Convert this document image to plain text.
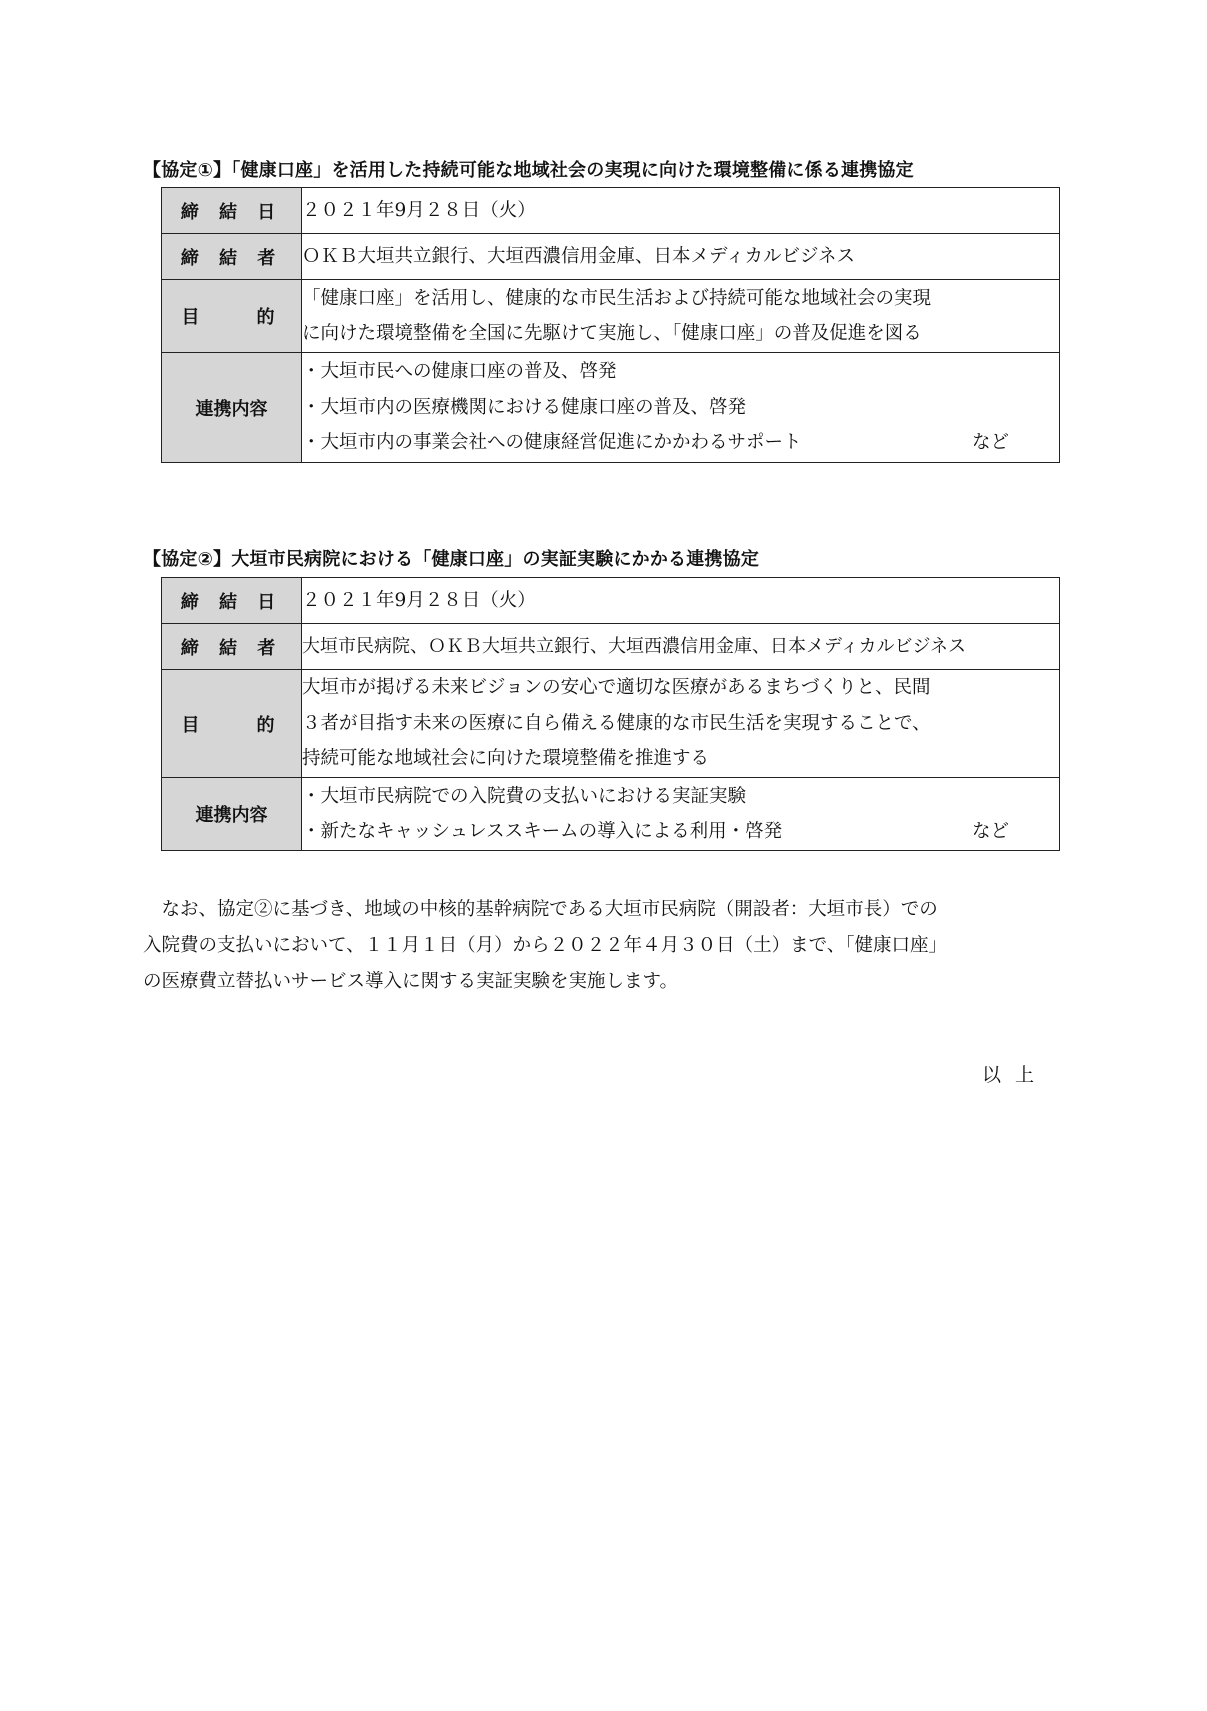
【協定①】「健康口座」を活用した持続可能な地域社会の実現に向けた環境整備に係る連携協定
締 結 日	２０２１年9月２８日（火）
締 結 者	ＯＫＢ大垣共立銀行、大垣西濃信用金庫、日本メディカルビジネス
目　　的	「健康口座」を活用し、健康的な市民生活および持続可能な地域社会の実現
に向けた環境整備を全国に先駆けて実施し、「健康口座」の普及促進を図る

連携内容	・大垣市民への健康口座の普及、啓発
・大垣市内の医療機関における健康口座の普及、啓発
・大垣市内の事業会社への健康経営促進にかかわるサポート など
【協定②】大垣市民病院における「健康口座」の実証実験にかかる連携協定
締 結 日	２０２１年9月２８日（火）
締 結 者	大垣市民病院、ＯＫＢ大垣共立銀行、大垣西濃信用金庫、日本メディカルビジネス
目　　的	大垣市が掲げる未来ビジョンの安心で適切な医療があるまちづくりと、民間
３者が目指す未来の医療に自ら備える健康的な市民生活を実現することで、
持続可能な地域社会に向けた環境整備を推進する

連携内容	・大垣市民病院での入院費の支払いにおける実証実験
・新たなキャッシュレススキームの導入による利用・啓発 など

　なお、協定②に基づき、地域の中核的基幹病院である大垣市民病院（開設者：大垣市長）での

入院費の支払いにおいて、１１月１日（月）から２０２２年４月３０日（土）まで、「健康口座」

の医療費立替払いサービス導入に関する実証実験を実施します。

以 上
